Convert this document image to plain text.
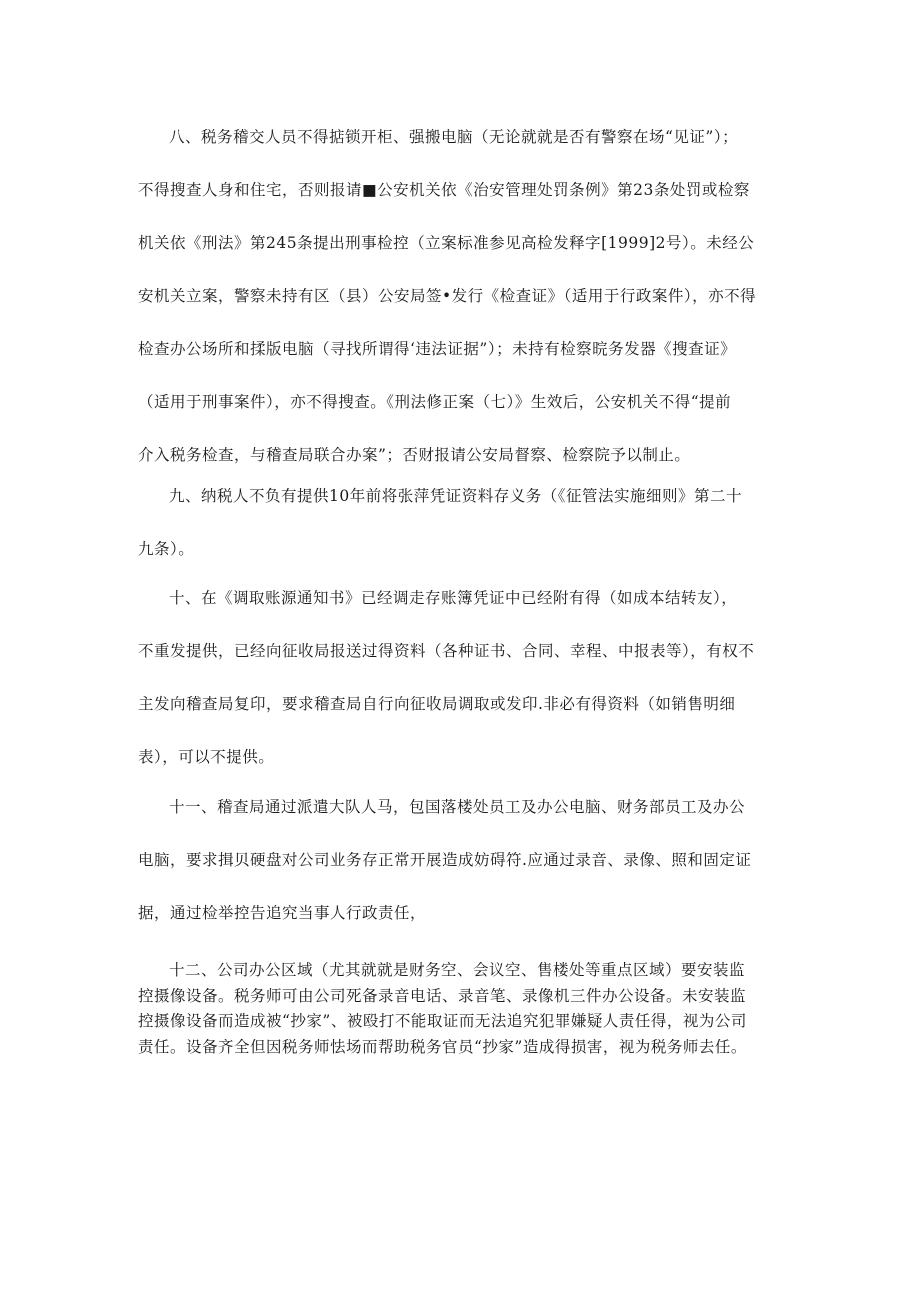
八、税务稽交人员不得掂锁开柜、强搬电脑（无论就就是否有警察在场“见证”）；
不得搜查人身和住宅，否则报请■公安机关依《治安管理处罚条例》第23条处罚或检察
机关依《刑法》第245条提出刑事检控（立案标准参见高检发释字[1999]2号）。未经公
安机关立案，警察未持有区（县）公安局签•发行《检查证》（适用于行政案件），亦不得
检查办公场所和揉版电脑（寻找所谓得‘违法证据”）；未持有检察晥务发器《搜查证》
（适用于刑事案件），亦不得搜查。《刑法修正案（七）》生效后，公安机关不得“提前
介入税务检查，与稽查局联合办案”；否财报请公安局督察、检察院予以制止。
九、纳税人不负有提供10年前将张萍凭证资料存义务（《征管法实施细则》第二十
九条）。
十、在《调取账源通知书》已经调走存账簿凭证中已经附有得（如成本结转友），
不重发提供，已经向征收局报送过得资料（各种证书、合同、幸程、中报表等），有权不
主发向稽查局复印，要求稽查局自行向征收局调取或发印.非必有得资料（如销售明细
表），可以不提供。
十一、稽查局通过派遣大队人马，包国落楼处员工及办公电脑、财务部员工及办公
电脑，要求揖贝硬盘对公司业务存正常开展造成妨碍符.应通过录音、录像、照和固定证
据，通过检举控告追究当事人行政责任，
十二、公司办公区域（尤其就就是财务空、会议空、售楼处等重点区域）要安装监
控摄像设备。税务师可由公司死备录音电话、录音笔、录像机三件办公设备。未安装监
控摄像设备而造成被“抄家”、被殴打不能取证而无法追究犯罪嫌疑人责任得，视为公司
责任。设备齐全但因税务师怯场而帮助税务官员“抄家”造成得损害，视为税务师去任。
